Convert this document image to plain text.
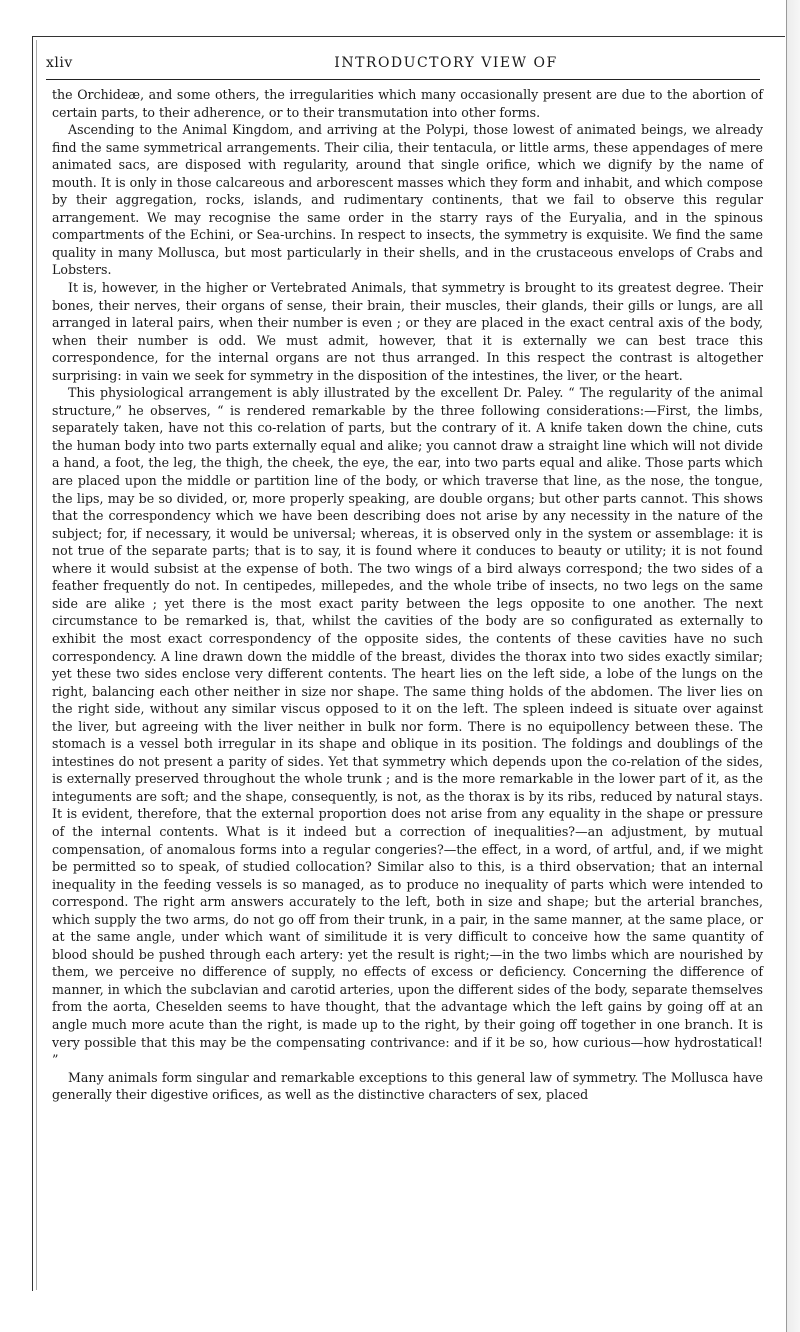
xliv	INTRODUCTORY VIEW OF

the Orchideæ, and some others, the irregularities which many occasionally present are due to the abortion of certain parts, to their adherence, or to their transmutation into other forms.

Ascending to the Animal Kingdom, and arriving at the Polypi, those lowest of animated beings, we already find the same symmetrical arrangements. Their cilia, their tentacula, or little arms, these appendages of mere animated sacs, are disposed with regularity, around that single orifice, which we dignify by the name of mouth. It is only in those calcareous and arborescent masses which they form and inhabit, and which compose by their aggregation, rocks, islands, and rudimentary continents, that we fail to observe this regular arrangement. We may recognise the same order in the starry rays of the Euryalia, and in the spinous compartments of the Echini, or Sea-urchins. In respect to insects, the symmetry is exquisite. We find the same quality in many Mollusca, but most particularly in their shells, and in the crustaceous envelops of Crabs and Lobsters.

It is, however, in the higher or Vertebrated Animals, that symmetry is brought to its greatest degree. Their bones, their nerves, their organs of sense, their brain, their muscles, their glands, their gills or lungs, are all arranged in lateral pairs, when their number is even ; or they are placed in the exact central axis of the body, when their number is odd. We must admit, however, that it is externally we can best trace this correspondence, for the internal organs are not thus arranged. In this respect the contrast is altogether surprising: in vain we seek for symmetry in the disposition of the intestines, the liver, or the heart.

This physiological arrangement is ably illustrated by the excellent Dr. Paley. “ The regularity of the animal structure,” he observes, “ is rendered remarkable by the three following considerations:—First, the limbs, separately taken, have not this co-relation of parts, but the contrary of it. A knife taken down the chine, cuts the human body into two parts externally equal and alike; you cannot draw a straight line which will not divide a hand, a foot, the leg, the thigh, the cheek, the eye, the ear, into two parts equal and alike. Those parts which are placed upon the middle or partition line of the body, or which traverse that line, as the nose, the tongue, the lips, may be so divided, or, more properly speaking, are double organs; but other parts cannot. This shows that the correspondency which we have been describing does not arise by any necessity in the nature of the subject; for, if necessary, it would be universal; whereas, it is observed only in the system or assemblage: it is not true of the separate parts; that is to say, it is found where it conduces to beauty or utility; it is not found where it would subsist at the expense of both. The two wings of a bird always correspond; the two sides of a feather frequently do not. In centipedes, millepedes, and the whole tribe of insects, no two legs on the same side are alike ; yet there is the most exact parity between the legs opposite to one another. The next circumstance to be remarked is, that, whilst the cavities of the body are so configurated as externally to exhibit the most exact correspondency of the opposite sides, the contents of these cavities have no such correspondency. A line drawn down the middle of the breast, divides the thorax into two sides exactly similar; yet these two sides enclose very different contents. The heart lies on the left side, a lobe of the lungs on the right, balancing each other neither in size nor shape. The same thing holds of the abdomen. The liver lies on the right side, without any similar viscus opposed to it on the left. The spleen indeed is situate over against the liver, but agreeing with the liver neither in bulk nor form. There is no equipollency between these. The stomach is a vessel both irregular in its shape and oblique in its position. The foldings and doublings of the intestines do not present a parity of sides. Yet that symmetry which depends upon the co-relation of the sides, is externally preserved throughout the whole trunk ; and is the more remarkable in the lower part of it, as the integuments are soft; and the shape, consequently, is not, as the thorax is by its ribs, reduced by natural stays. It is evident, therefore, that the external proportion does not arise from any equality in the shape or pressure of the internal contents. What is it indeed but a correction of inequalities?—an adjustment, by mutual compensation, of anomalous forms into a regular congeries?—the effect, in a word, of artful, and, if we might be permitted so to speak, of studied collocation? Similar also to this, is a third observation; that an internal inequality in the feeding vessels is so managed, as to produce no inequality of parts which were intended to correspond. The right arm answers accurately to the left, both in size and shape; but the arterial branches, which supply the two arms, do not go off from their trunk, in a pair, in the same manner, at the same place, or at the same angle, under which want of similitude it is very difficult to conceive how the same quantity of blood should be pushed through each artery: yet the result is right;—in the two limbs which are nourished by them, we perceive no difference of supply, no effects of excess or deficiency. Concerning the difference of manner, in which the subclavian and carotid arteries, upon the different sides of the body, separate themselves from the aorta, Cheselden seems to have thought, that the advantage which the left gains by going off at an angle much more acute than the right, is made up to the right, by their going off together in one branch. It is very possible that this may be the compensating contrivance: and if it be so, how curious—how hydrostatical! ”

Many animals form singular and remarkable exceptions to this general law of symmetry. The Mollusca have generally their digestive orifices, as well as the distinctive characters of sex, placed
